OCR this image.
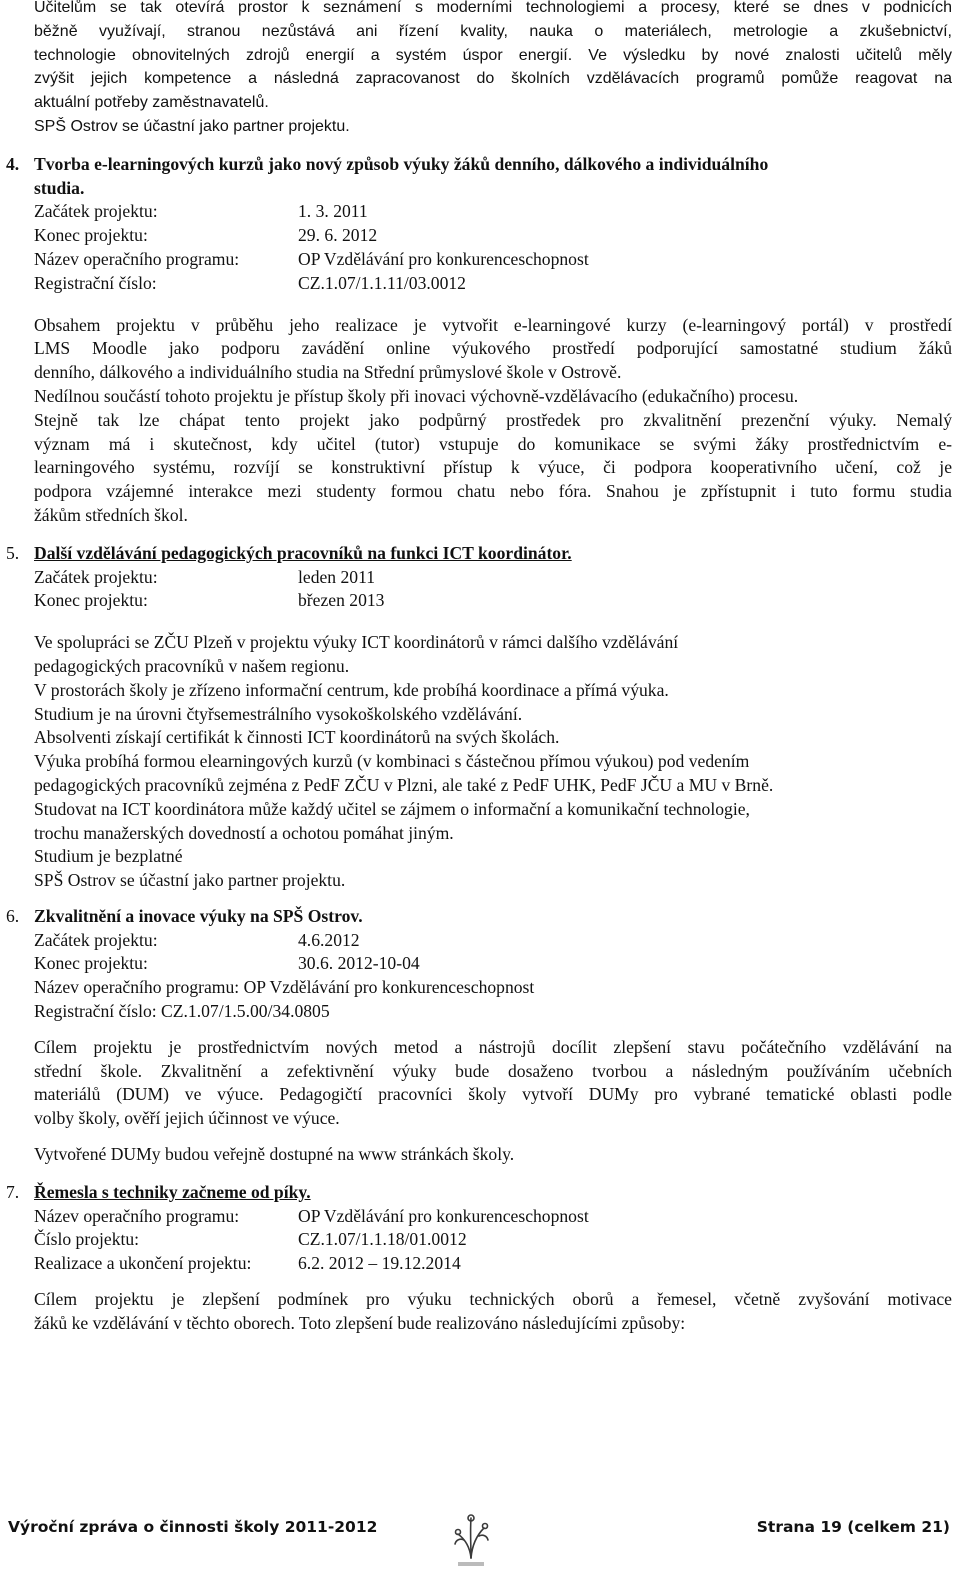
Učitelům se tak otevírá prostor k seznámení s moderními technologiemi a procesy, které se dnes v podnicích

běžně využívají, stranou nezůstává ani řízení kvality, nauka o materiálech, metrologie a zkušebnictví,

technologie obnovitelných zdrojů energií a systém úspor energií. Ve výsledku by nové znalosti učitelů měly

zvýšit jejich kompetence a následná zapracovanost do školních vzdělávacích programů pomůže reagovat na

aktuální potřeby zaměstnavatelů.

SPŠ Ostrov se účastní jako partner projektu.

4. Tvorba e-learningových kurzů jako nový způsob výuky žáků denního, dálkového a individuálního

studia.

Začátek projektu:	1. 3. 2011
Konec projektu:	29. 6. 2012
Název operačního programu:	OP Vzdělávání pro konkurenceschopnost
Registrační číslo:	CZ.1.07/1.1.11/03.0012

Obsahem projektu v průběhu jeho realizace je vytvořit e-learningové kurzy (e-learningový portál) v prostředí

LMS Moodle jako podporu zavádění online výukového prostředí podporující samostatné studium žáků

denního, dálkového a individuálního studia na Střední průmyslové škole v Ostrově.

Nedílnou součástí tohoto projektu je přístup školy při inovaci výchovně-vzdělávacího (edukačního) procesu.

Stejně tak lze chápat tento projekt jako podpůrný prostředek pro zkvalitnění prezenční výuky. Nemalý

význam má i skutečnost, kdy učitel (tutor) vstupuje do komunikace se svými žáky prostřednictvím e-

learningového systému, rozvíjí se konstruktivní přístup k výuce, či podpora kooperativního učení, což je

podpora vzájemné interakce mezi studenty formou chatu nebo fóra. Snahou je zpřístupnit i tuto formu studia

žákům středních škol.

5. Další vzdělávání pedagogických pracovníků na funkci ICT koordinátor.

Začátek projektu:	leden 2011
Konec projektu:	březen 2013

Ve spolupráci se ZČU Plzeň v projektu výuky ICT koordinátorů v rámci dalšího vzdělávání

pedagogických pracovníků v našem regionu.

V prostorách školy je zřízeno informační centrum, kde probíhá koordinace a přímá výuka.

Studium je na úrovni čtyřsemestrálního vysokoškolského vzdělávání.

Absolventi získají certifikát k činnosti ICT koordinátorů na svých školách.

Výuka probíhá formou elearningových kurzů (v kombinaci s částečnou přímou výukou) pod vedením

pedagogických pracovníků zejména z PedF ZČU v Plzni, ale také z PedF UHK, PedF JČU a MU v Brně.

Studovat na ICT koordinátora může každý učitel se zájmem o informační a komunikační technologie,

trochu manažerských dovedností a ochotou pomáhat jiným.

Studium je bezplatné

SPŠ Ostrov se účastní jako partner projektu.

6. Zkvalitnění a inovace výuky na SPŠ Ostrov.

Začátek projektu:	4.6.2012
Konec projektu:	30.6. 2012-10-04

Název operačního programu: OP Vzdělávání pro konkurenceschopnost

Registrační číslo: CZ.1.07/1.5.00/34.0805

Cílem projektu je prostřednictvím nových metod a nástrojů docílit zlepšení stavu počátečního vzdělávání na

střední škole. Zkvalitnění a zefektivnění výuky bude dosaženo tvorbou a následným používáním učebních

materiálů (DUM) ve výuce. Pedagogičtí pracovníci školy vytvoří DUMy pro vybrané tematické oblasti podle

volby školy, ověří jejich účinnost ve výuce.

Vytvořené DUMy budou veřejně dostupné na www stránkách školy.

7. Řemesla s techniky začneme od píky.

Název operačního programu:	OP Vzdělávání pro konkurenceschopnost
Číslo projektu:	CZ.1.07/1.1.18/01.0012
Realizace a ukončení projektu:	6.2. 2012 – 19.12.2014

Cílem projektu je zlepšení podmínek pro výuku technických oborů a řemesel, včetně zvyšování motivace

žáků ke vzdělávání v těchto oborech. Toto zlepšení bude realizováno následujícími způsoby:

Výroční zpráva o činnosti školy 2011-2012	Strana 19 (celkem 21)
